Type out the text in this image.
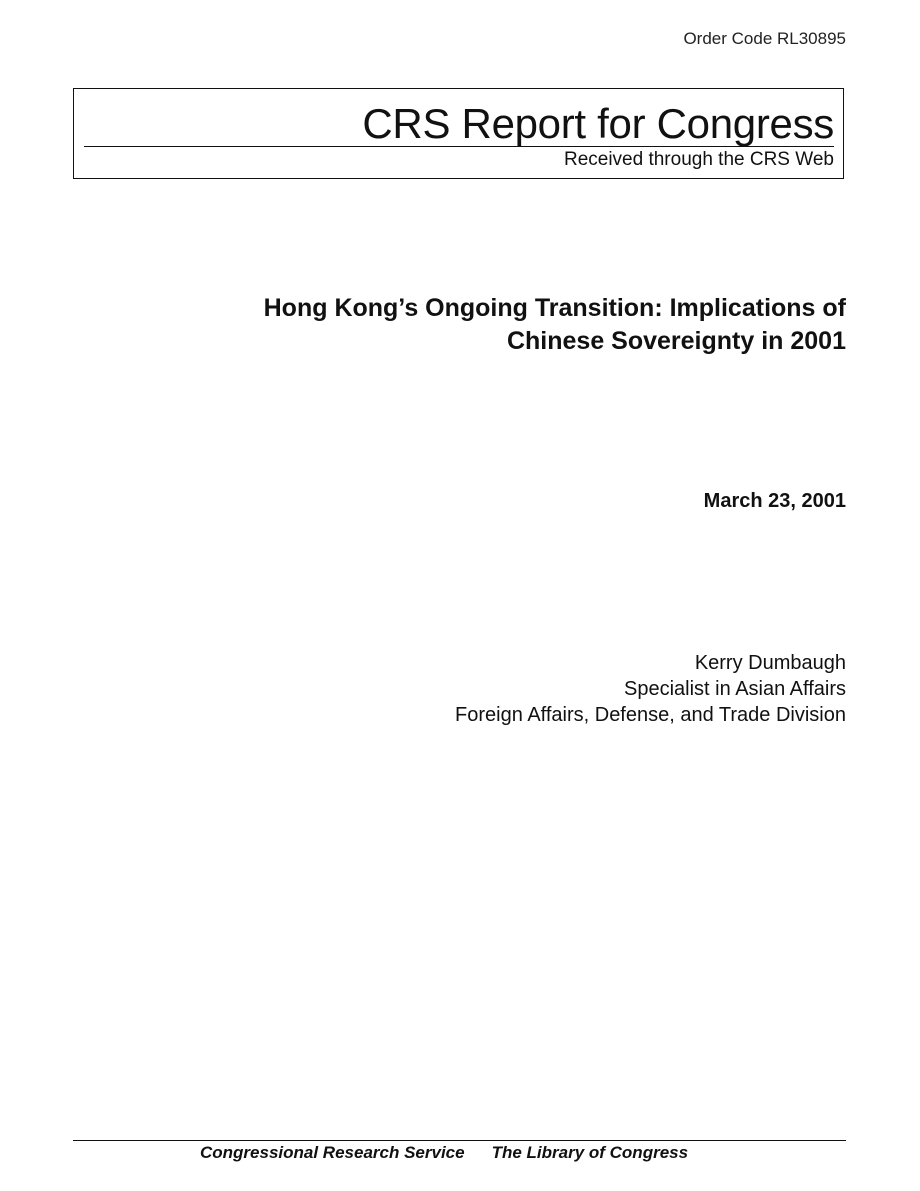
Order Code RL30895
CRS Report for Congress
Received through the CRS Web
Hong Kong’s Ongoing Transition: Implications of
Chinese Sovereignty in 2001
March 23, 2001
Kerry Dumbaugh
Specialist in Asian Affairs
Foreign Affairs, Defense, and Trade Division
Congressional Research Service The Library of Congress
